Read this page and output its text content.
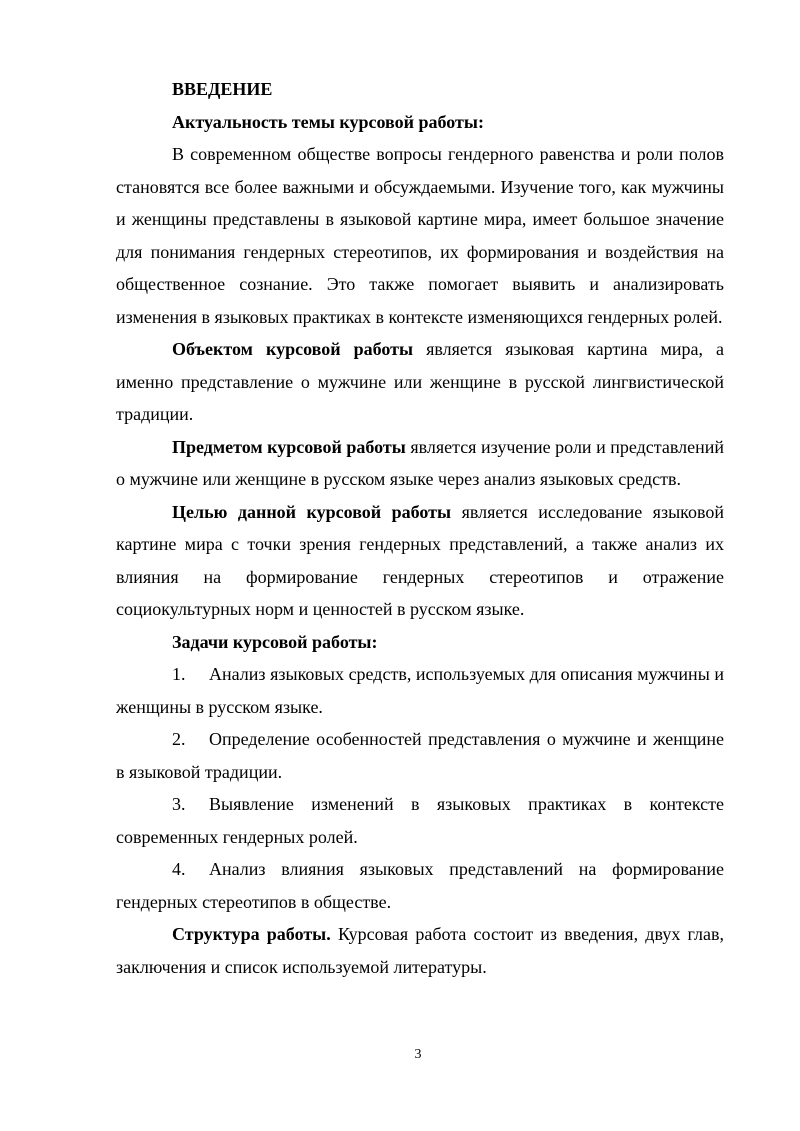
ВВЕДЕНИЕ

Актуальность темы курсовой работы:

В современном обществе вопросы гендерного равенства и роли полов становятся все более важными и обсуждаемыми. Изучение того, как мужчины и женщины представлены в языковой картине мира, имеет большое значение для понимания гендерных стереотипов, их формирования и воздействия на общественное сознание. Это также помогает выявить и анализировать изменения в языковых практиках в контексте изменяющихся гендерных ролей.

Объектом курсовой работы является языковая картина мира, а именно представление о мужчине или женщине в русской лингвистической традиции.

Предметом курсовой работы является изучение роли и представлений о мужчине или женщине в русском языке через анализ языковых средств.

Целью данной курсовой работы является исследование языковой картине мира с точки зрения гендерных представлений, а также анализ их влияния на формирование гендерных стереотипов и отражение социокультурных норм и ценностей в русском языке.

Задачи курсовой работы:

1. Анализ языковых средств, используемых для описания мужчины и женщины в русском языке.

2. Определение особенностей представления о мужчине и женщине в языковой традиции.

3. Выявление изменений в языковых практиках в контексте современных гендерных ролей.

4. Анализ влияния языковых представлений на формирование гендерных стереотипов в обществе.

Структура работы. Курсовая работа состоит из введения, двух глав, заключения и список используемой литературы.

3
